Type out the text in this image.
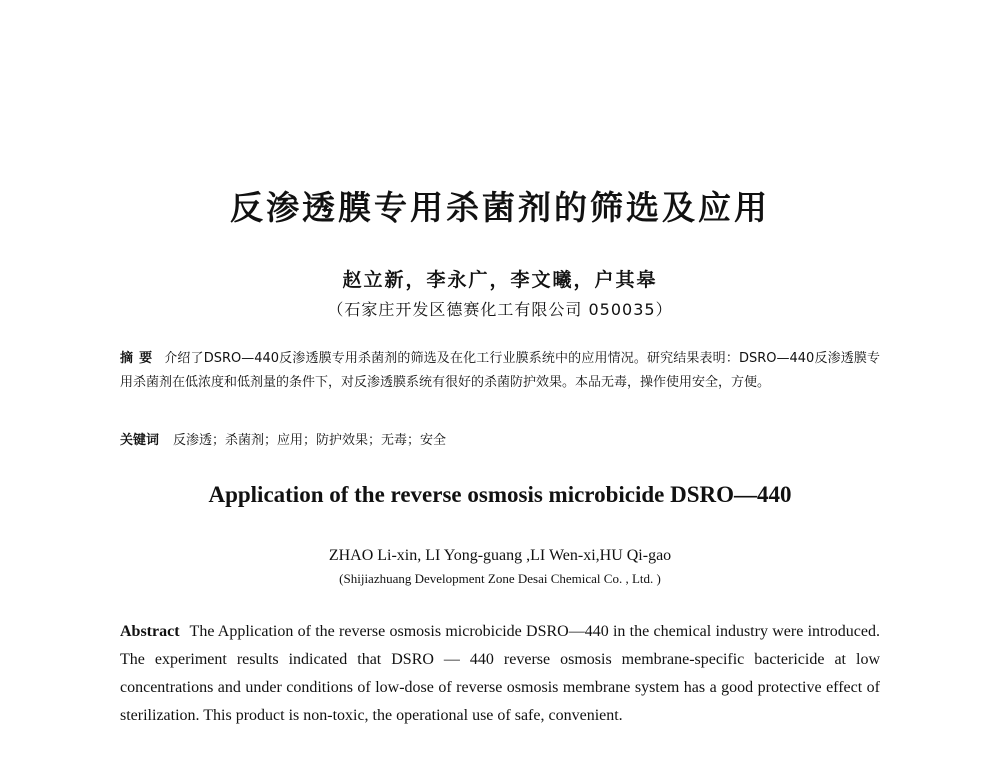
反渗透膜专用杀菌剂的筛选及应用
赵立新，李永广，李文曦，户其皋
（石家庄开发区德赛化工有限公司 050035）
摘要 介绍了DSRO—440反渗透膜专用杀菌剂的筛选及在化工行业膜系统中的应用情况。研究结果表明：DSRO—440反渗透膜专用杀菌剂在低浓度和低剂量的条件下，对反渗透膜系统有很好的杀菌防护效果。本品无毒，操作使用安全，方便。
关键词 反渗透；杀菌剂；应用；防护效果；无毒；安全
Application of the reverse osmosis microbicide DSRO—440
ZHAO Li-xin, LI Yong-guang ,LI Wen-xi,HU Qi-gao
(Shijiazhuang Development Zone Desai Chemical Co. , Ltd. )
Abstract The Application of the reverse osmosis microbicide DSRO—440 in the chemical industry were introduced. The experiment results indicated that DSRO — 440 reverse osmosis membrane-specific bactericide at low concentrations and under conditions of low-dose of reverse osmosis membrane system has a good protective effect of sterilization. This product is non-toxic, the operational use of safe, convenient.
